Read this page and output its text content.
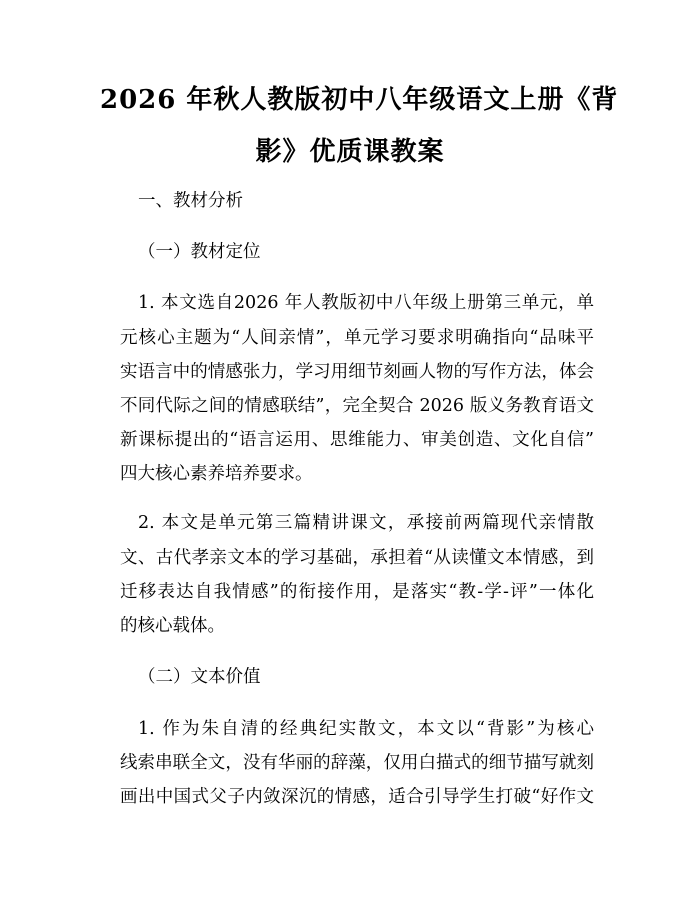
2026 年秋人教版初中八年级语文上册《背
影》优质课教案

一、教材分析

（一）教材定位

1. 本文选自2026 年人教版初中八年级上册第三单元，单

元核心主题为“人间亲情”，单元学习要求明确指向“品味平

实语言中的情感张力，学习用细节刻画人物的写作方法，体会

不同代际之间的情感联结”，完全契合 2026 版义务教育语文

新课标提出的“语言运用、思维能力、审美创造、文化自信”

四大核心素养培养要求。

2. 本文是单元第三篇精讲课文，承接前两篇现代亲情散

文、古代孝亲文本的学习基础，承担着“从读懂文本情感，到

迁移表达自我情感”的衔接作用，是落实“教-学-评”一体化

的核心载体。

（二）文本价值

1. 作为朱自清的经典纪实散文，本文以“背影”为核心

线索串联全文，没有华丽的辞藻，仅用白描式的细节描写就刻

画出中国式父子内敛深沉的情感，适合引导学生打破“好作文
